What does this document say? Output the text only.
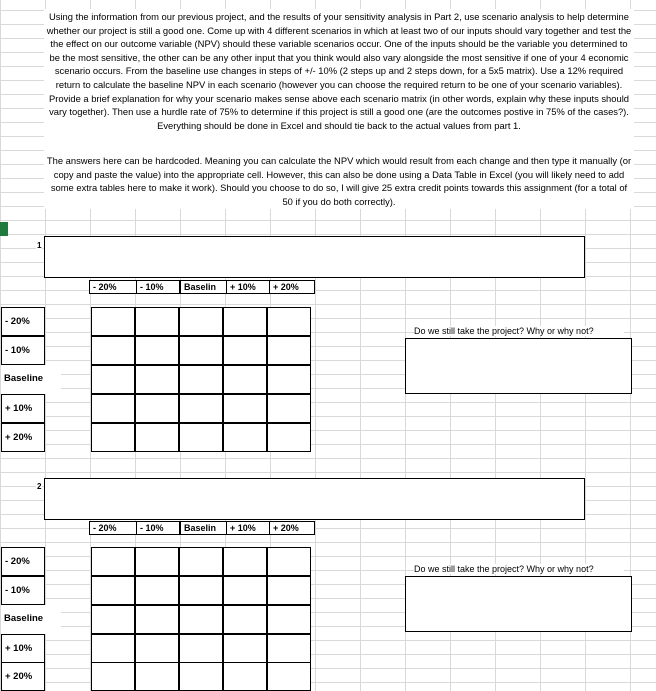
Using the information from our previous project, and the results of your sensitivity analysis in Part 2, use scenario analysis to help determine whether our project is still a good one. Come up with 4 different scenarios in which at least two of our inputs should vary together and test the the effect on our outcome variable (NPV) should these variable scenarios occur. One of the inputs should be the variable you determined to be the most sensitive, the other can be any other input that you think would also vary alongside the most sensitive if one of your 4 economic scenario occurs. From the baseline use changes in steps of +/- 10% (2 steps up and 2 steps down, for a 5x5 matrix). Use a 12% required return to calculate the baseline NPV in each scenario (however you can choose the required return to be one of your scenario variables). Provide a brief explanation for why your scenario makes sense above each scenario matrix (in other words, explain why these inputs should vary together). Then use a hurdle rate of 75% to determine if this project is still a good one (are the outcomes postive in 75% of the cases?). Everything should be done in Excel and should tie back to the actual values from part 1.

The answers here can be hardcoded. Meaning you can calculate the NPV which would result from each change and then type it manually (or copy and paste the value) into the appropriate cell. However, this can also be done using a Data Table in Excel (you will likely need to add some extra tables here to make it work). Should you choose to do so, I will give 25 extra credit points towards this assignment (for a total of 50 if you do both correctly).

1
- 20%	- 10%	Baselin	+ 10%	+ 20%
- 20%
- 10%
Baseline
+ 10%
+ 20%
Do we still take the project? Why or why not?
2
- 20%	- 10%	Baselin	+ 10%	+ 20%
- 20%
- 10%
Baseline
+ 10%
+ 20%
Do we still take the project? Why or why not?
